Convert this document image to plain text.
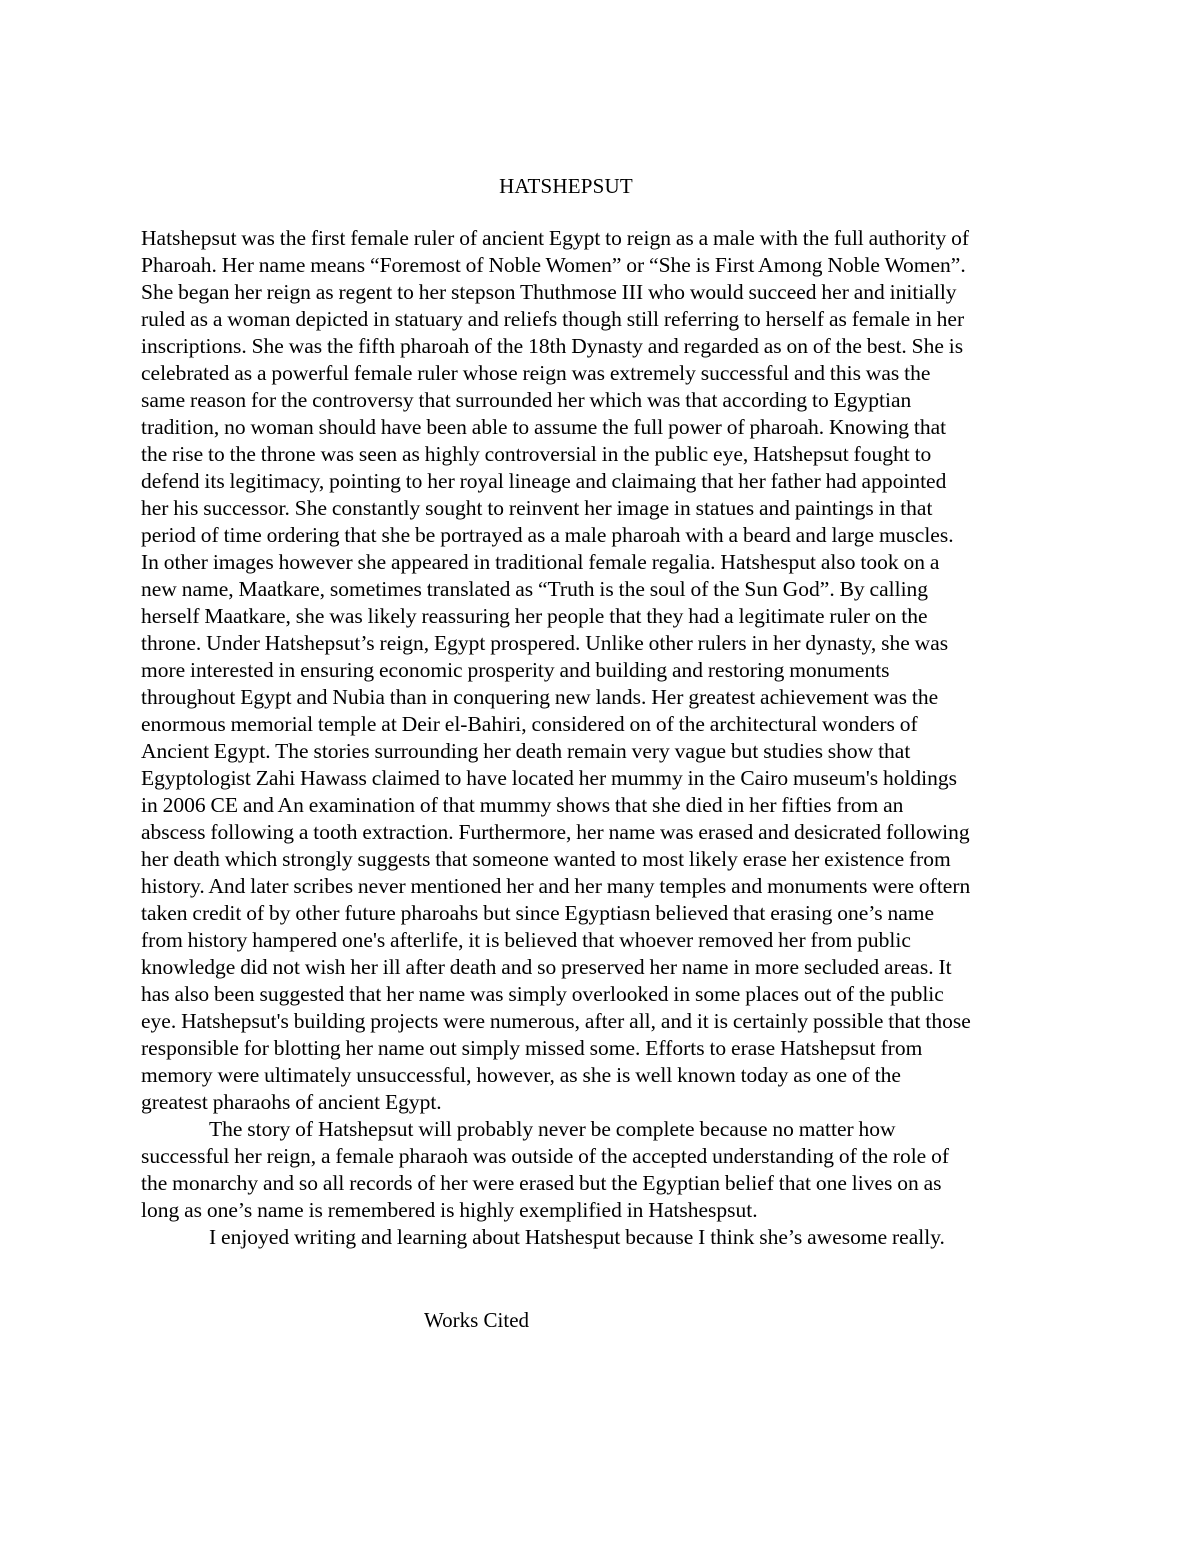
HATSHEPSUT
Hatshepsut was the first female ruler of ancient Egypt to reign as a male with the full authority of
Pharoah. Her name means “Foremost of Noble Women” or “She is First Among Noble Women”.
She began her reign as regent to her stepson Thuthmose III who would succeed her and initially
ruled as a woman depicted in statuary and reliefs though still referring to herself as female in her
inscriptions. She was the fifth pharoah of the 18th Dynasty and regarded as on of the best. She is
celebrated as a powerful female ruler whose reign was extremely successful and this was the
same reason for the controversy that surrounded her which was that according to Egyptian
tradition, no woman should have been able to assume the full power of pharoah. Knowing that
the rise to the throne was seen as highly controversial in the public eye, Hatshepsut fought to
defend its legitimacy, pointing to her royal lineage and claimaing that her father had appointed
her his successor. She constantly sought to reinvent her image in statues and paintings in that
period of time ordering that she be portrayed as a male pharoah with a beard and large muscles.
In other images however she appeared in traditional female regalia. Hatshesput also took on a
new name, Maatkare, sometimes translated as “Truth is the soul of the Sun God”. By calling
herself Maatkare, she was likely reassuring her people that they had a legitimate ruler on the
throne. Under Hatshepsut’s reign, Egypt prospered. Unlike other rulers in her dynasty, she was
more interested in ensuring economic prosperity and building and restoring monuments
throughout Egypt and Nubia than in conquering new lands. Her greatest achievement was the
enormous memorial temple at Deir el-Bahiri, considered on of the architectural wonders of
Ancient Egypt. The stories surrounding her death remain very vague but studies show that
Egyptologist Zahi Hawass claimed to have located her mummy in the Cairo museum's holdings
in 2006 CE and An examination of that mummy shows that she died in her fifties from an
abscess following a tooth extraction. Furthermore, her name was erased and desicrated following
her death which strongly suggests that someone wanted to most likely erase her existence from
history. And later scribes never mentioned her and her many temples and monuments were oftern
taken credit of by other future pharoahs but since Egyptiasn believed that erasing one’s name
from history hampered one's afterlife, it is believed that whoever removed her from public
knowledge did not wish her ill after death and so preserved her name in more secluded areas. It
has also been suggested that her name was simply overlooked in some places out of the public
eye. Hatshepsut's building projects were numerous, after all, and it is certainly possible that those
responsible for blotting her name out simply missed some. Efforts to erase Hatshepsut from
memory were ultimately unsuccessful, however, as she is well known today as one of the
greatest pharaohs of ancient Egypt.
The story of Hatshepsut will probably never be complete because no matter how
successful her reign, a female pharaoh was outside of the accepted understanding of the role of
the monarchy and so all records of her were erased but the Egyptian belief that one lives on as
long as one’s name is remembered is highly exemplified in Hatshespsut.
I enjoyed writing and learning about Hatshesput because I think she’s awesome really.
Works Cited
